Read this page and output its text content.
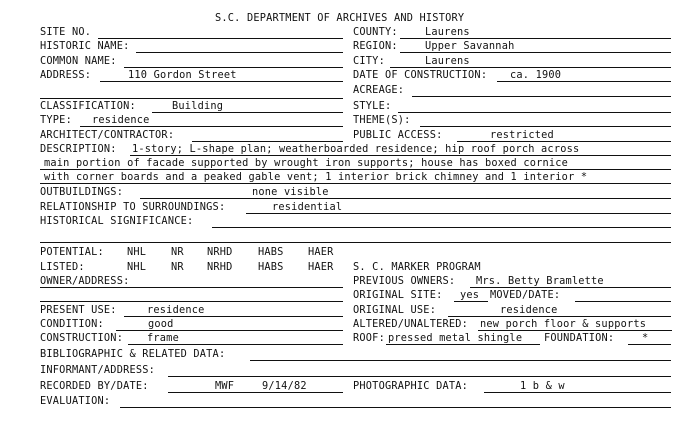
S.C. DEPARTMENT OF ARCHIVES AND HISTORY
SITE NO.	COUNTY:	Laurens
HISTORIC NAME:	REGION:	Upper Savannah
COMMON NAME:	CITY:	Laurens
ADDRESS:	110 Gordon Street	DATE OF CONSTRUCTION: ca. 1900
ACREAGE:
CLASSIFICATION:	Building	STYLE:
TYPE: residence	THEME(S):
ARCHITECT/CONTRACTOR:	PUBLIC ACCESS:	restricted
DESCRIPTION: 1-story; L-shape plan; weatherboarded residence; hip roof porch across
main portion of facade supported by wrought iron supports; house has boxed cornice
with corner boards and a peaked gable vent; 1 interior brick chimney and 1 interior *
OUTBUILDINGS:	none visible
RELATIONSHIP TO SURROUNDINGS:	residential
HISTORICAL SIGNIFICANCE:
POTENTIAL: NHL NR NRHD HABS HAER
LISTED:	NHL NR NRHD HABS HAER S. C. MARKER PROGRAM
OWNER/ADDRESS:	PREVIOUS OWNERS: Mrs. Betty Bramlette
ORIGINAL SITE: yes MOVED/DATE:
PRESENT USE:	residence	ORIGINAL USE:	residence
CONDITION:	good	ALTERED/UNALTERED: new porch floor & supports
CONSTRUCTION: frame	ROOF: pressed metal shingle FOUNDATION:	*
BIBLIOGRAPHIC & RELATED DATA:
INFORMANT/ADDRESS:
RECORDED BY/DATE:	MWF	9/14/82	PHOTOGRAPHIC DATA:	1 b & w
EVALUATION:
